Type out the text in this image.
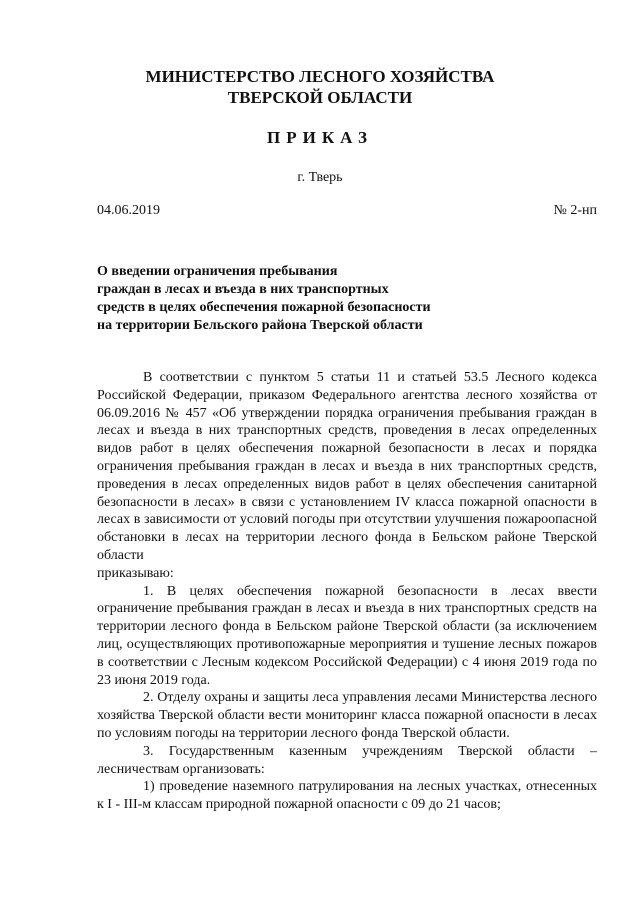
МИНИСТЕРСТВО ЛЕСНОГО ХОЗЯЙСТВА
ТВЕРСКОЙ ОБЛАСТИ
ПРИКАЗ
г. Тверь
04.06.2019	№ 2-нп
О введении ограничения пребывания
граждан в лесах и въезда в них транспортных
средств в целях обеспечения пожарной безопасности
на территории Бельского района Тверской области

В соответствии с пунктом 5 статьи 11 и статьей 53.5 Лесного кодекса Российской Федерации, приказом Федерального агентства лесного хозяйства от 06.09.2016 № 457 «Об утверждении порядка ограничения пребывания граждан в лесах и въезда в них транспортных средств, проведения в лесах определенных видов работ в целях обеспечения пожарной безопасности в лесах и порядка ограничения пребывания граждан в лесах и въезда в них транспортных средств, проведения в лесах определенных видов работ в целях обеспечения санитарной безопасности в лесах» в связи с установлением IV класса пожарной опасности в лесах в зависимости от условий погоды при отсутствии улучшения пожароопасной обстановки в лесах на территории лесного фонда в Бельском районе Тверской области

приказываю:

1. В целях обеспечения пожарной безопасности в лесах ввести ограничение пребывания граждан в лесах и въезда в них транспортных средств на территории лесного фонда в Бельском районе Тверской области (за исключением лиц, осуществляющих противопожарные мероприятия и тушение лесных пожаров в соответствии с Лесным кодексом Российской Федерации) с 4 июня 2019 года по 23 июня 2019 года.

2. Отделу охраны и защиты леса управления лесами Министерства лесного хозяйства Тверской области вести мониторинг класса пожарной опасности в лесах по условиям погоды на территории лесного фонда Тверской области.

3. Государственным казенным учреждениям Тверской области – лесничествам организовать:

1) проведение наземного патрулирования на лесных участках, отнесенных к I - III-м классам природной пожарной опасности с 09 до 21 часов;
